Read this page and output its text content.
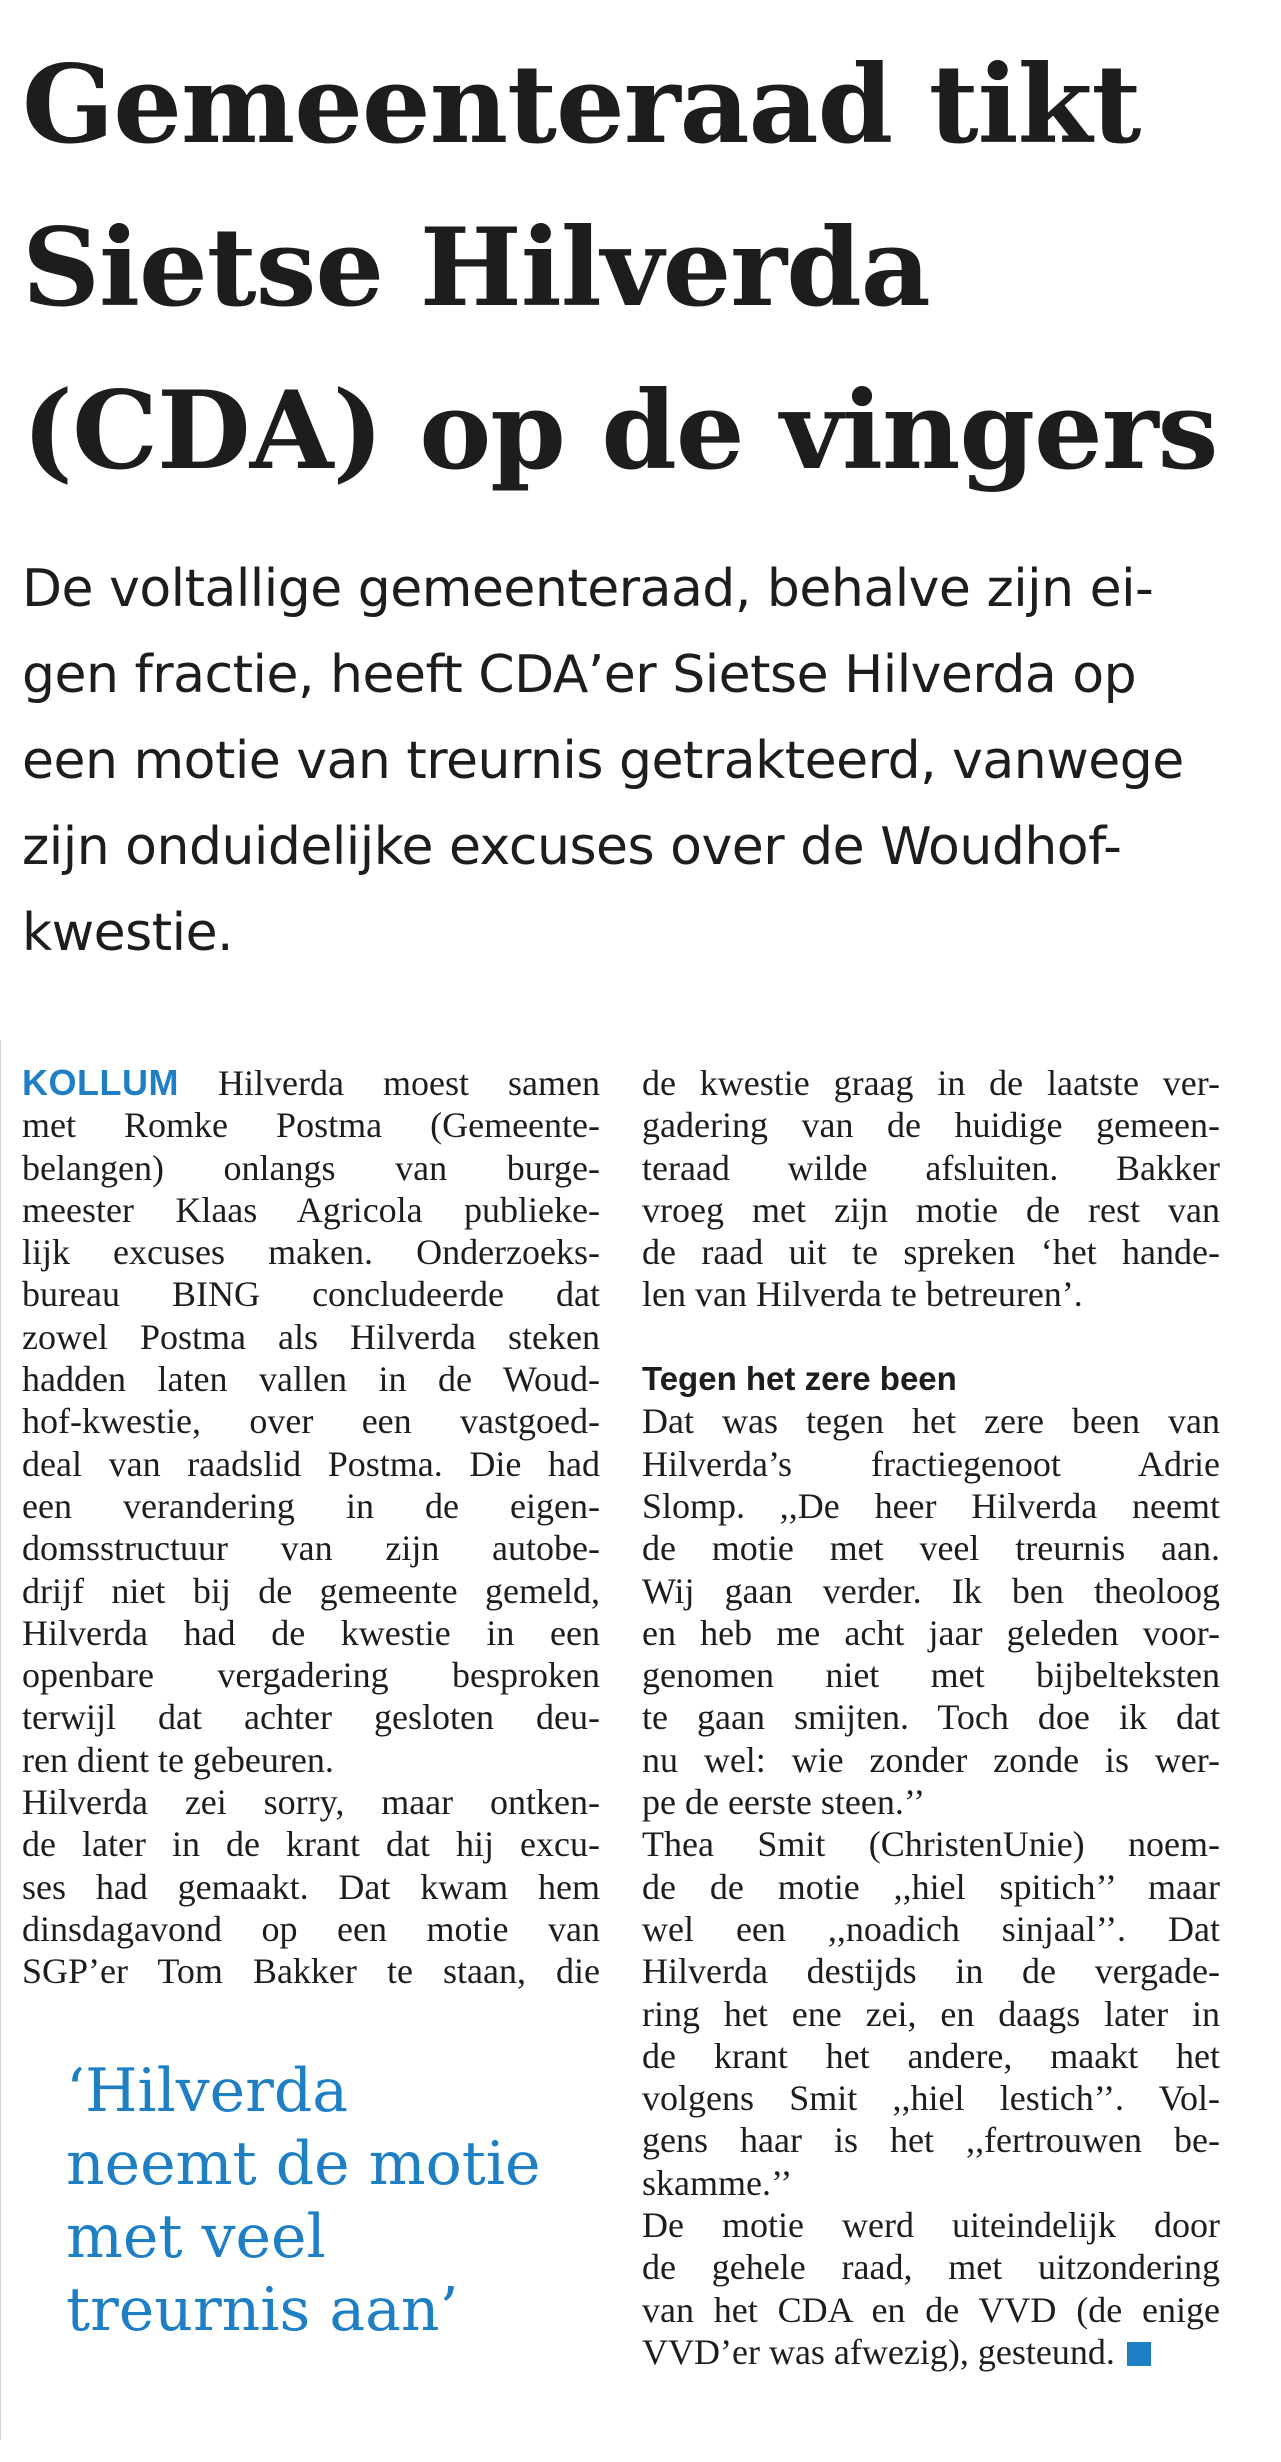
Gemeenteraad tikt
Sietse Hilverda
(CDA) op de vingers
De voltallige gemeenteraad, behalve zijn ei-
gen fractie, heeft CDA’er Sietse Hilverda op
een motie van treurnis getrakteerd, vanwege
zijn onduidelijke excuses over de Woudhof-
kwestie.
KOLLUM Hilverda moest samen
met Romke Postma (Gemeente-
belangen) onlangs van burge-
meester Klaas Agricola publieke-
lijk excuses maken. Onderzoeks-
bureau BING concludeerde dat
zowel Postma als Hilverda steken
hadden laten vallen in de Woud-
hof-kwestie, over een vastgoed-
deal van raadslid Postma. Die had
een verandering in de eigen-
domsstructuur van zijn autobe-
drijf niet bij de gemeente gemeld,
Hilverda had de kwestie in een
openbare vergadering besproken
terwijl dat achter gesloten deu-
ren dient te gebeuren.
Hilverda zei sorry, maar ontken-
de later in de krant dat hij excu-
ses had gemaakt. Dat kwam hem
dinsdagavond op een motie van
SGP’er Tom Bakker te staan, die
‘Hilverda
neemt de motie
met veel
treurnis aan’
de kwestie graag in de laatste ver-
gadering van de huidige gemeen-
teraad wilde afsluiten. Bakker
vroeg met zijn motie de rest van
de raad uit te spreken ‘het hande-
len van Hilverda te betreuren’.
Tegen het zere been
Dat was tegen het zere been van
Hilverda’s fractiegenoot Adrie
Slomp. ,,De heer Hilverda neemt
de motie met veel treurnis aan.
Wij gaan verder. Ik ben theoloog
en heb me acht jaar geleden voor-
genomen niet met bijbelteksten
te gaan smijten. Toch doe ik dat
nu wel: wie zonder zonde is wer-
pe de eerste steen.’’
Thea Smit (ChristenUnie) noem-
de de motie ,,hiel spitich’’ maar
wel een ,,noadich sinjaal’’. Dat
Hilverda destijds in de vergade-
ring het ene zei, en daags later in
de krant het andere, maakt het
volgens Smit ,,hiel lestich’’. Vol-
gens haar is het ,,fertrouwen be-
skamme.’’
De motie werd uiteindelijk door
de gehele raad, met uitzondering
van het CDA en de VVD (de enige
VVD’er was afwezig), gesteund.
